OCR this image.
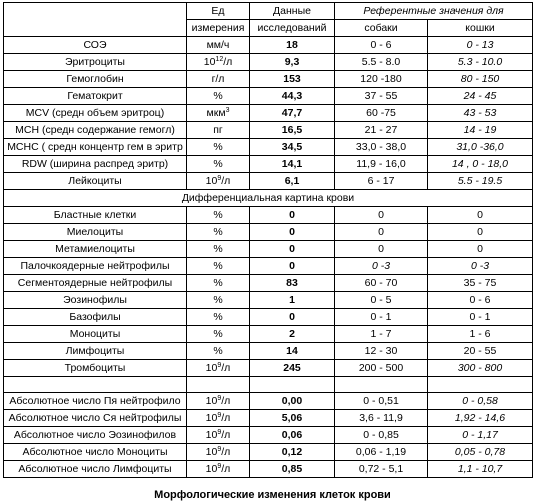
	Ед	Данные	Референтные значения для	
	измерения	исследований	собаки	кошки
СОЭ	мм/ч	18	0 - 6	0 - 13
Эритроциты	$10^{12}/л$	9,3	5.5 - 8.0	5.3 - 10.0
Гемоглобин	г/л	153	120 -180	80 - 150
Гематокрит	%	44,3	37 - 55	24 - 45
MCV (средн объем эритроц)	мкм$^3$	47,7	60 -75	43 - 53
МСН (средн содержание гемогл)	пг	16,5	21 - 27	14 - 19
МСНС ( средн концентр гем в эритр	%	34,5	33,0 - 38,0	31,0 -36,0
RDW (ширина распред эритр)	%	14,1	11,9 - 16,0	14 , 0 - 18,0
Лейкоциты	$10^9/л$	6,1	6 - 17	5.5 - 19.5
Дифференциальная картина крови				
Бластные клетки	%	0	0	0
Миелоциты	%	0	0	0
Метамиелоциты	%	0	0	0
Палочкоядерные нейтрофилы	%	0	0 -3	0 -3
Сегментоядерные нейтрофилы	%	83	60 - 70	35 - 75
Эозинофилы	%	1	0 - 5	0 - 6
Базофилы	%	0	0 - 1	0 - 1
Моноциты	%	2	1 - 7	1 - 6
Лимфоциты	%	14	12 - 30	20 - 55
Тромбоциты	$10^9/л$	245	200 - 500	300 - 800

Абсолютное число Пя нейтрофило	$10^9/л$	0,00	0 - 0,51	0 - 0,58
Абсолютное число Ся нейтрофилы	$10^9/л$	5,06	3,6 - 11,9	1,92 - 14,6
Абсолютное число Эозинофилов	$10^9/л$	0,06	0 - 0,85	0 - 1,17
Абсолютное число Моноциты	$10^9/л$	0,12	0,06 - 1,19	0,05 - 0,78
Абсолютное число Лимфоциты	$10^9/л$	0,85	0,72 - 5,1	1,1 - 10,7
Морфологические изменения клеток крови
